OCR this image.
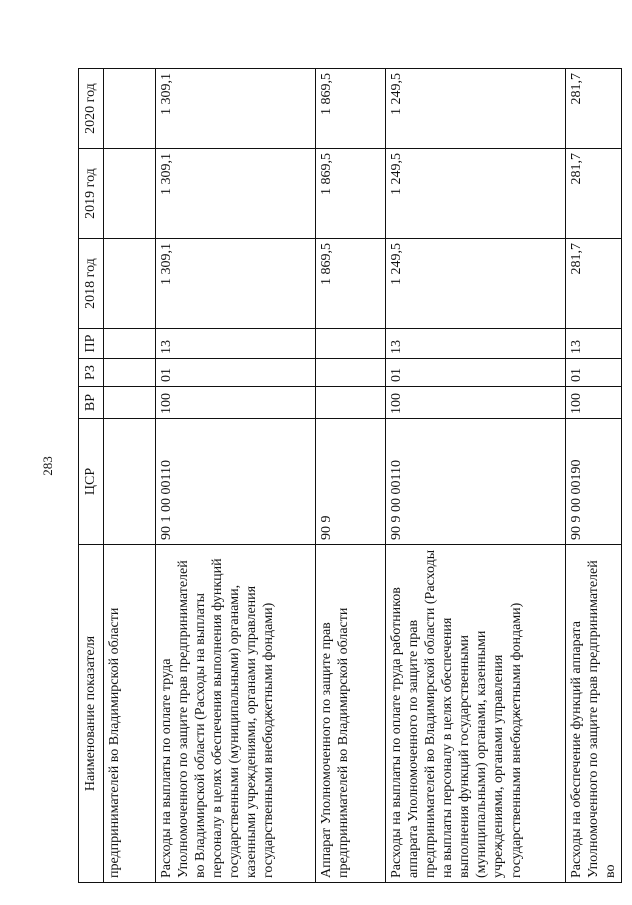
283
Наименование показателя	ЦСР	ВР	РЗ	ПР	2018 год	2019 год	2020 год
предпринимателей во Владимирской области							
Расходы на выплаты по оплате труда Уполномоченного по защите прав предпринимателей во Владимирской области (Расходы на выплаты персоналу в целях обеспечения выполнения функций государственными (муниципальными) органами, казенными учреждениями, органами управления государственными внебюджетными фондами)	90 1 00 00110	100	01	13	1 309,1	1 309,1	1 309,1
Аппарат Уполномоченного по защите прав предпринимателей во Владимирской области	90 9				1 869,5	1 869,5	1 869,5
Расходы на выплаты по оплате труда работников аппарата Уполномоченного по защите прав предпринимателей во Владимирской области (Расходы на выплаты персоналу в целях обеспечения выполнения функций государственными (муниципальными) органами, казенными учреждениями, органами управления государственными внебюджетными фондами)	90 9 00 00110	100	01	13	1 249,5	1 249,5	1 249,5
Расходы на обеспечение функций аппарата Уполномоченного по защите прав предпринимателей во	90 9 00 00190	100	01	13	281,7	281,7	281,7
